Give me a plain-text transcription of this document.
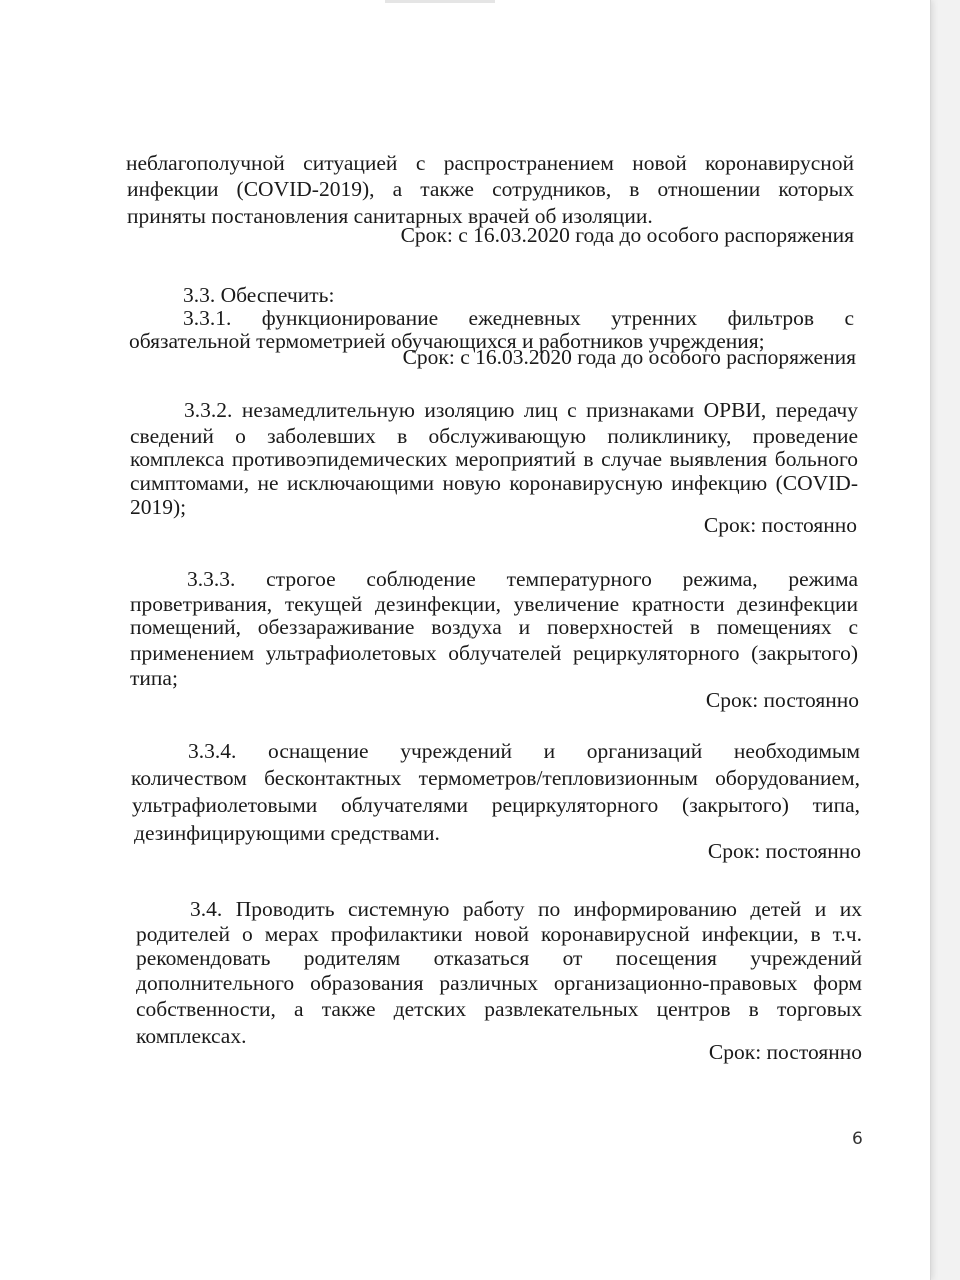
неблагополучной ситуацией с распространением новой коронавирусной
инфекции (COVID-2019), а также сотрудников, в отношении которых
приняты постановления санитарных врачей об изоляции.
Срок: с 16.03.2020 года до особого распоряжения
3.3. Обеспечить:
3.3.1. функционирование ежедневных утренних фильтров с
обязательной термометрией обучающихся и работников учреждения;
Срок: с 16.03.2020 года до особого распоряжения
3.3.2. незамедлительную изоляцию лиц с признаками ОРВИ, передачу
сведений о заболевших в обслуживающую поликлинику, проведение
комплекса противоэпидемических мероприятий в случае выявления больного
симптомами, не исключающими новую коронавирусную инфекцию (COVID-
2019);
Срок: постоянно
3.3.3. строгое соблюдение температурного режима, режима
проветривания, текущей дезинфекции, увеличение кратности дезинфекции
помещений, обеззараживание воздуха и поверхностей в помещениях с
применением ультрафиолетовых облучателей рециркуляторного (закрытого)
типа;
Срок: постоянно
3.3.4. оснащение учреждений и организаций необходимым
количеством бесконтактных термометров/тепловизионным оборудованием,
ультрафиолетовыми облучателями рециркуляторного (закрытого) типа,
дезинфицирующими средствами.
Срок: постоянно
3.4. Проводить системную работу по информированию детей и их
родителей о мерах профилактики новой коронавирусной инфекции, в т.ч.
рекомендовать родителям отказаться от посещения учреждений
дополнительного образования различных организационно-правовых форм
собственности, а также детских развлекательных центров в торговых
комплексах.
Срок: постоянно
6
